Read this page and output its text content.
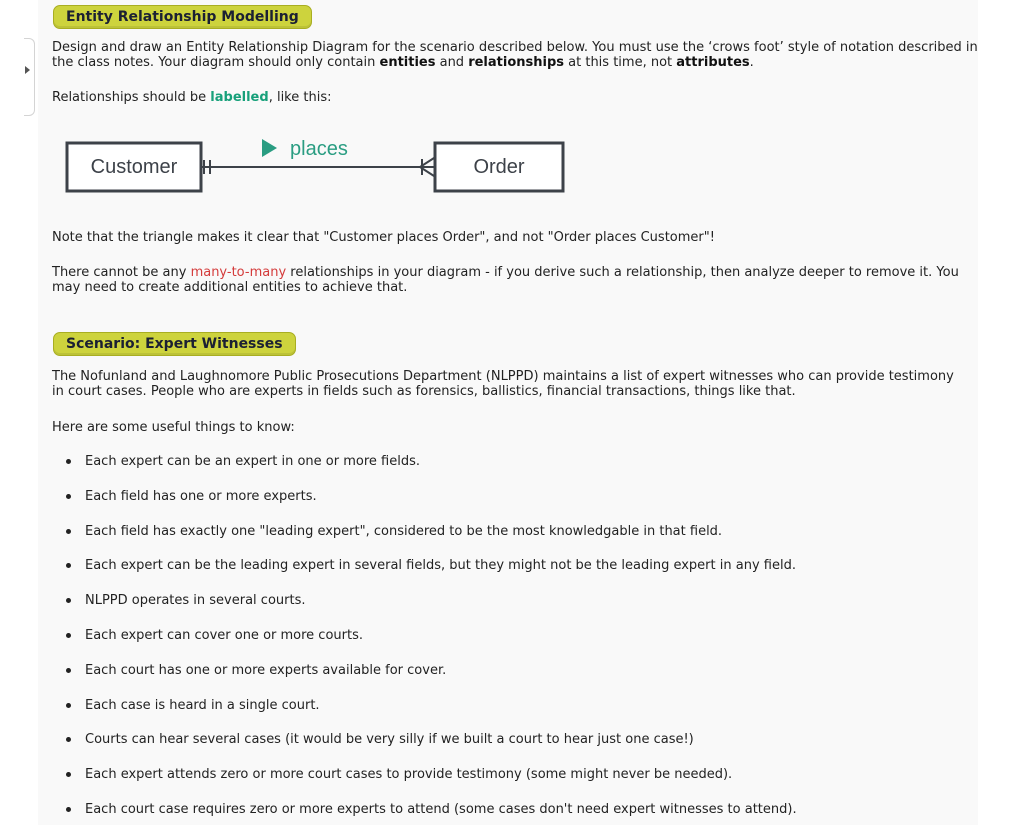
Entity Relationship Modelling

Design and draw an Entity Relationship Diagram for the scenario described below. You must use the ‘crows foot’ style of notation described in the class notes. Your diagram should only contain entities and relationships at this time, not attributes.

Relationships should be labelled, like this:

Customer	Order
places

Note that the triangle makes it clear that "Customer places Order", and not "Order places Customer"!

There cannot be any many-to-many relationships in your diagram - if you derive such a relationship, then analyze deeper to remove it. You may need to create additional entities to achieve that.

Scenario: Expert Witnesses

The Nofunland and Laughnomore Public Prosecutions Department (NLPPD) maintains a list of expert witnesses who can provide testimony in court cases. People who are experts in fields such as forensics, ballistics, financial transactions, things like that.

Here are some useful things to know:

Each expert can be an expert in one or more fields.
Each field has one or more experts.
Each field has exactly one "leading expert", considered to be the most knowledgable in that field.
Each expert can be the leading expert in several fields, but they might not be the leading expert in any field.
NLPPD operates in several courts.
Each expert can cover one or more courts.
Each court has one or more experts available for cover.
Each case is heard in a single court.
Courts can hear several cases (it would be very silly if we built a court to hear just one case!)
Each expert attends zero or more court cases to provide testimony (some might never be needed).
Each court case requires zero or more experts to attend (some cases don't need expert witnesses to attend).
